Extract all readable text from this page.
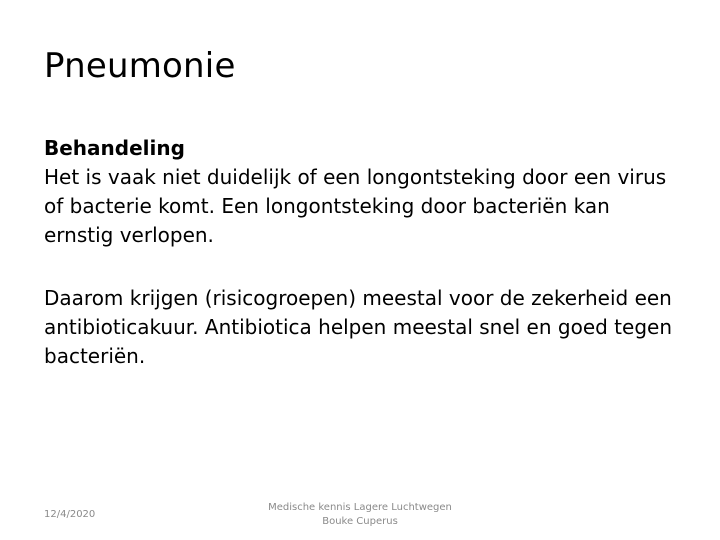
Pneumonie

Behandeling

Het is vaak niet duidelijk of een longontsteking door een virus of bacterie komt. Een longontsteking door bacteriën kan ernstig verlopen.

Daarom krijgen (risicogroepen) meestal voor de zekerheid een antibioticakuur. Antibiotica helpen meestal snel en goed tegen bacteriën.

12/4/2020
Medische kennis Lagere Luchtwegen
Bouke Cuperus
